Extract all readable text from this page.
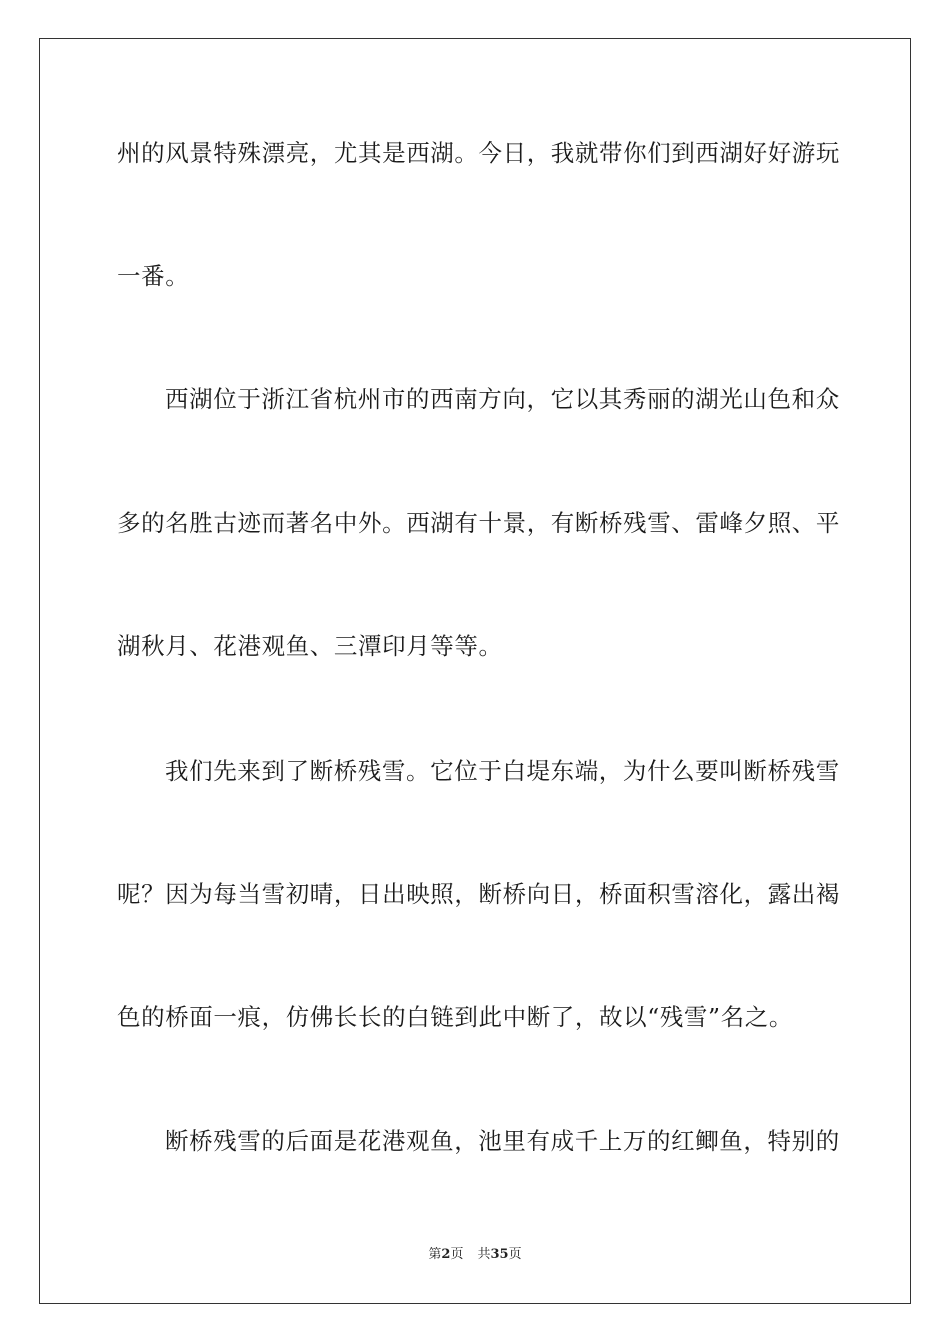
州的风景特殊漂亮，尤其是西湖。今日，我就带你们到西湖好好游玩
一番。
西湖位于浙江省杭州市的西南方向，它以其秀丽的湖光山色和众
多的名胜古迹而著名中外。西湖有十景，有断桥残雪、雷峰夕照、平
湖秋月、花港观鱼、三潭印月等等。
我们先来到了断桥残雪。它位于白堤东端，为什么要叫断桥残雪
呢？因为每当雪初晴，日出映照，断桥向日，桥面积雪溶化，露出褐
色的桥面一痕，仿佛长长的白链到此中断了，故以“残雪”名之。
断桥残雪的后面是花港观鱼，池里有成千上万的红鲫鱼，特别的
第2页 共35页
